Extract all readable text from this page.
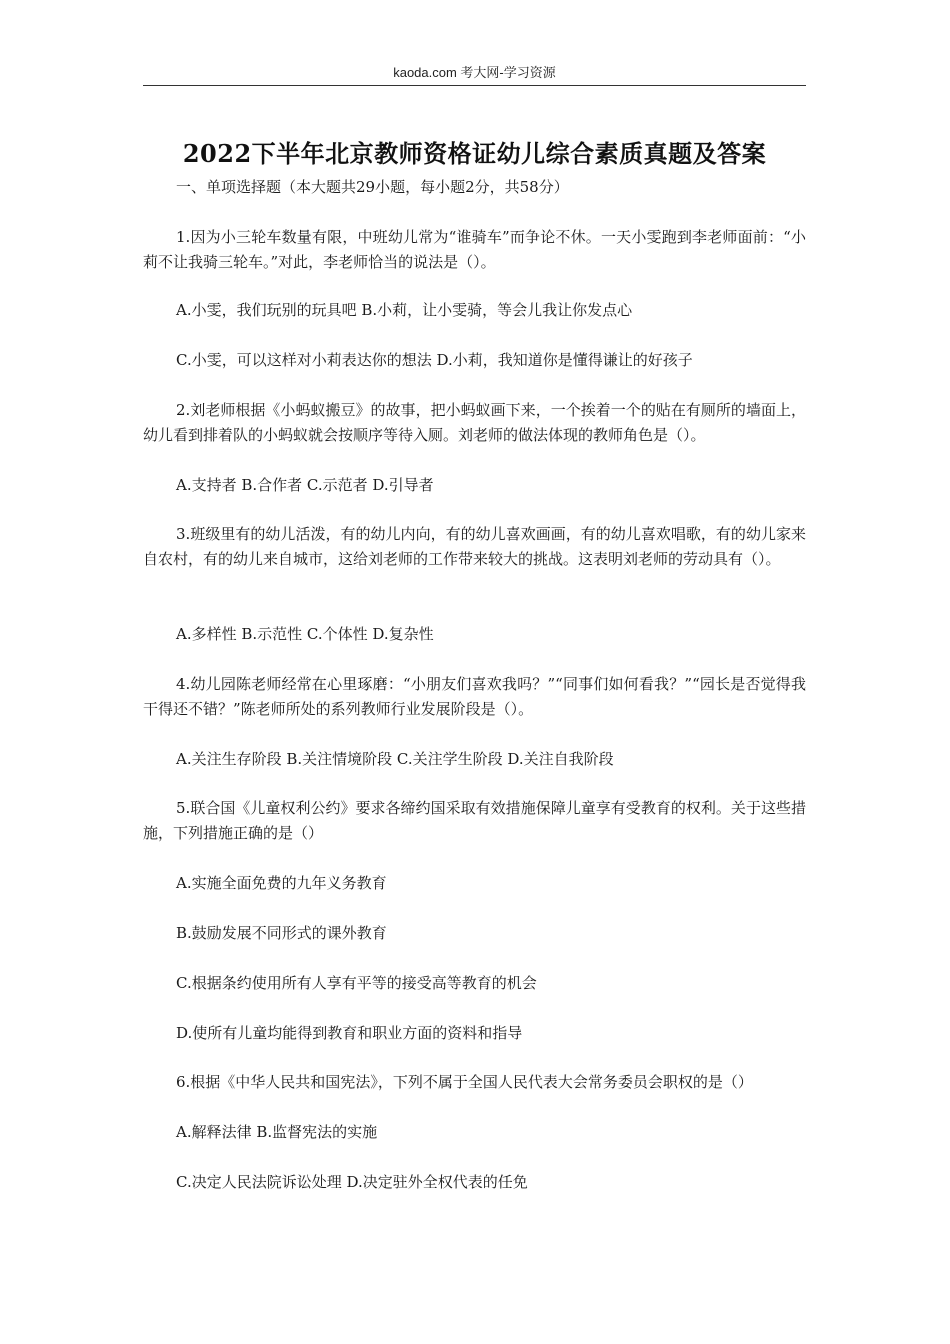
kaoda.com 考大网-学习资源
2022下半年北京教师资格证幼儿综合素质真题及答案

一、单项选择题（本大题共29小题，每小题2分，共58分）

1.因为小三轮车数量有限，中班幼儿常为“谁骑车”而争论不休。一天小雯跑到李老师面前：“小莉不让我骑三轮车。”对此，李老师恰当的说法是（）。

A.小雯，我们玩别的玩具吧 B.小莉，让小雯骑，等会儿我让你发点心

C.小雯，可以这样对小莉表达你的想法 D.小莉，我知道你是懂得谦让的好孩子

2.刘老师根据《小蚂蚁搬豆》的故事，把小蚂蚁画下来，一个挨着一个的贴在有厕所的墙面上，幼儿看到排着队的小蚂蚁就会按顺序等待入厕。刘老师的做法体现的教师角色是（）。

A.支持者 B.合作者 C.示范者 D.引导者

3.班级里有的幼儿活泼，有的幼儿内向，有的幼儿喜欢画画，有的幼儿喜欢唱歌，有的幼儿家来自农村，有的幼儿来自城市，这给刘老师的工作带来较大的挑战。这表明刘老师的劳动具有（）。

A.多样性 B.示范性 C.个体性 D.复杂性

4.幼儿园陈老师经常在心里琢磨：“小朋友们喜欢我吗？”“同事们如何看我？”“园长是否觉得我干得还不错？”陈老师所处的系列教师行业发展阶段是（）。

A.关注生存阶段 B.关注情境阶段 C.关注学生阶段 D.关注自我阶段

5.联合国《儿童权利公约》要求各缔约国采取有效措施保障儿童享有受教育的权利。关于这些措施，下列措施正确的是（）

A.实施全面免费的九年义务教育

B.鼓励发展不同形式的课外教育

C.根据条约使用所有人享有平等的接受高等教育的机会

D.使所有儿童均能得到教育和职业方面的资料和指导

6.根据《中华人民共和国宪法》，下列不属于全国人民代表大会常务委员会职权的是（）

A.解释法律 B.监督宪法的实施

C.决定人民法院诉讼处理 D.决定驻外全权代表的任免
